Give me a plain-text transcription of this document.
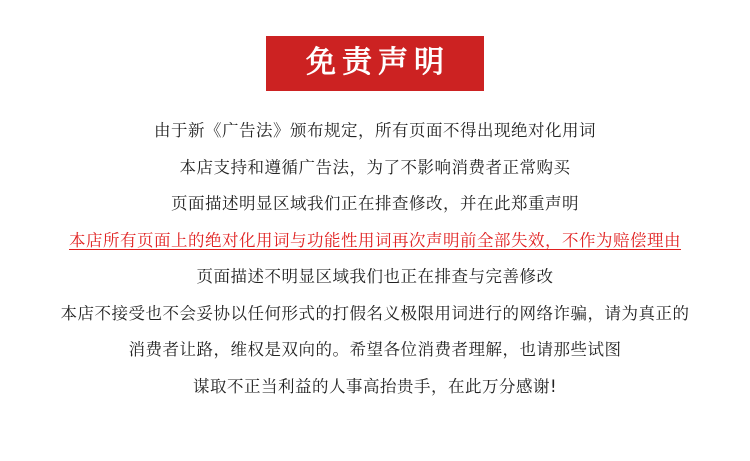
免责声明
由于新《广告法》颁布规定，所有页面不得出现绝对化用词
本店支持和遵循广告法，为了不影响消费者正常购买
页面描述明显区域我们正在排查修改，并在此郑重声明
本店所有页面上的绝对化用词与功能性用词再次声明前全部失效，不作为赔偿理由
页面描述不明显区域我们也正在排查与完善修改
本店不接受也不会妥协以任何形式的打假名义极限用词进行的网络诈骗，请为真正的
消费者让路，维权是双向的。希望各位消费者理解，也请那些试图
谋取不正当利益的人事高抬贵手，在此万分感谢!
